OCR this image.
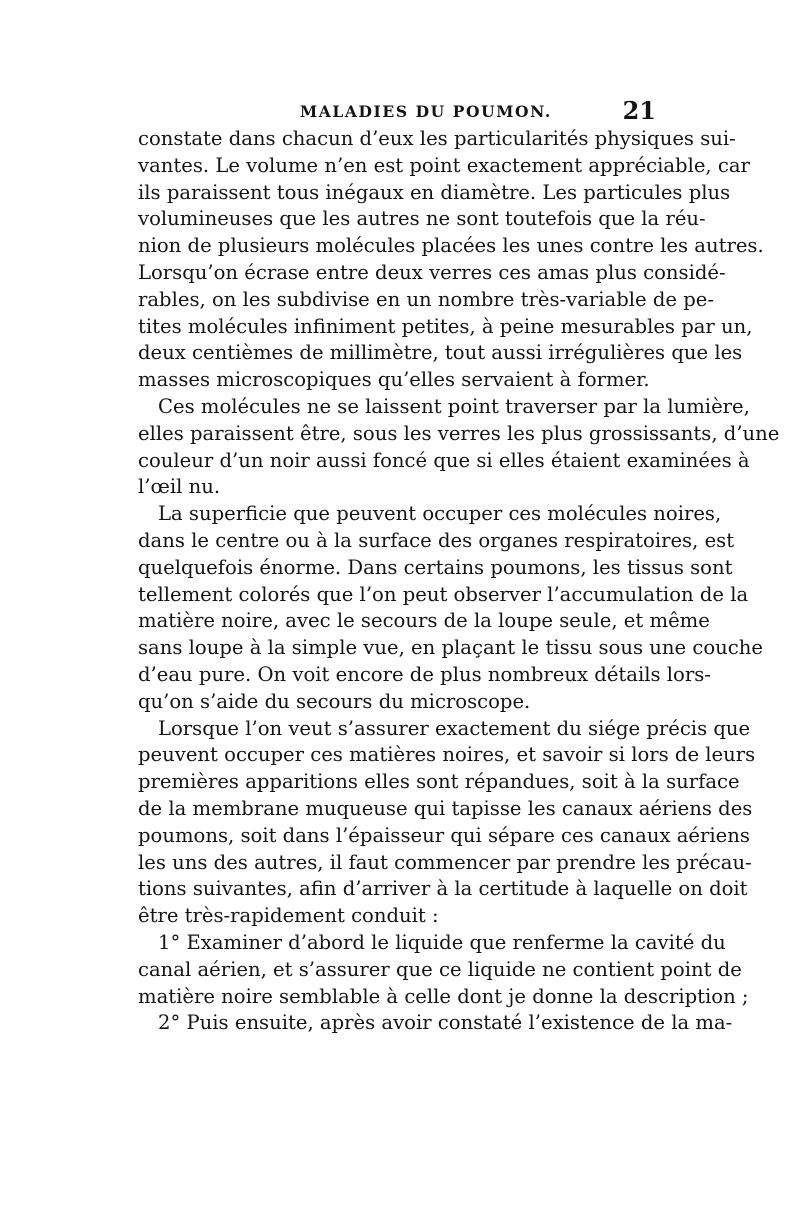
MALADIES DU POUMON.	21
constate dans chacun d’eux les particularités physiques sui-
vantes. Le volume n’en est point exactement appréciable, car
ils paraissent tous inégaux en diamètre. Les particules plus
volumineuses que les autres ne sont toutefois que la réu-
nion de plusieurs molécules placées les unes contre les autres.
Lorsqu’on écrase entre deux verres ces amas plus considé-
rables, on les subdivise en un nombre très-variable de pe-
tites molécules infiniment petites, à peine mesurables par un,
deux centièmes de millimètre, tout aussi irrégulières que les
masses microscopiques qu’elles servaient à former.
Ces molécules ne se laissent point traverser par la lumière,
elles paraissent être, sous les verres les plus grossissants, d’une
couleur d’un noir aussi foncé que si elles étaient examinées à
l’œil nu.
La superficie que peuvent occuper ces molécules noires,
dans le centre ou à la surface des organes respiratoires, est
quelquefois énorme. Dans certains poumons, les tissus sont
tellement colorés que l’on peut observer l’accumulation de la
matière noire, avec le secours de la loupe seule, et même
sans loupe à la simple vue, en plaçant le tissu sous une couche
d’eau pure. On voit encore de plus nombreux détails lors-
qu’on s’aide du secours du microscope.
Lorsque l’on veut s’assurer exactement du siége précis que
peuvent occuper ces matières noires, et savoir si lors de leurs
premières apparitions elles sont répandues, soit à la surface
de la membrane muqueuse qui tapisse les canaux aériens des
poumons, soit dans l’épaisseur qui sépare ces canaux aériens
les uns des autres, il faut commencer par prendre les précau-
tions suivantes, afin d’arriver à la certitude à laquelle on doit
être très-rapidement conduit :
1° Examiner d’abord le liquide que renferme la cavité du
canal aérien, et s’assurer que ce liquide ne contient point de
matière noire semblable à celle dont je donne la description ;
2° Puis ensuite, après avoir constaté l’existence de la ma-
